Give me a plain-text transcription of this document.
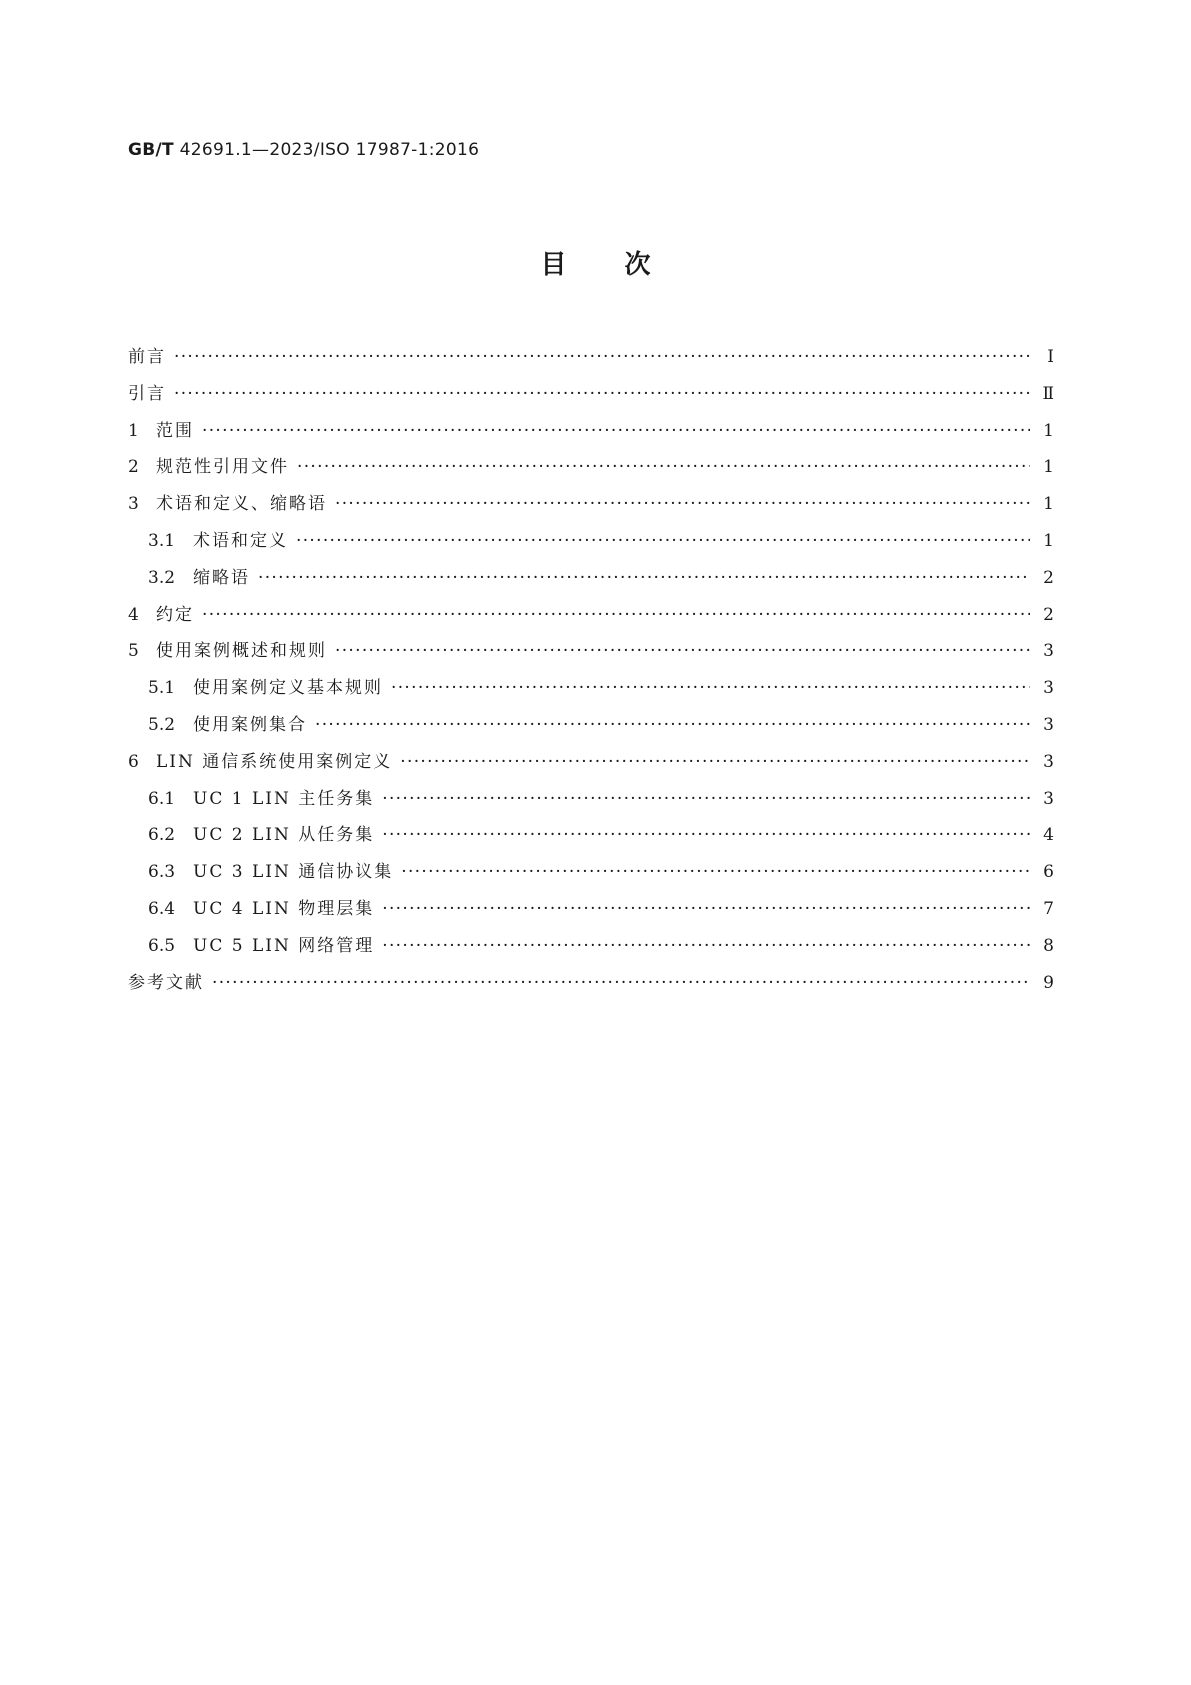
GB/T 42691.1—2023/ISO 17987-1:2016
目次
前言 ·····	Ⅰ
引言 ·····	Ⅱ
1	范围 ·····	1
2	规范性引用文件 ·····	1
3	术语和定义、缩略语 ·····	1
3.1	术语和定义 ·····	1
3.2	缩略语 ·····	2
4	约定 ·····	2
5	使用案例概述和规则 ·····	3
5.1	使用案例定义基本规则 ·····	3
5.2	使用案例集合 ·····	3
6	LIN 通信系统使用案例定义 ·····	3
6.1	UC 1 LIN 主任务集 ·····	3
6.2	UC 2 LIN 从任务集 ·····	4
6.3	UC 3 LIN 通信协议集 ·····	6
6.4	UC 4 LIN 物理层集 ·····	7
6.5	UC 5 LIN 网络管理 ·····	8
参考文献 ·····	9
